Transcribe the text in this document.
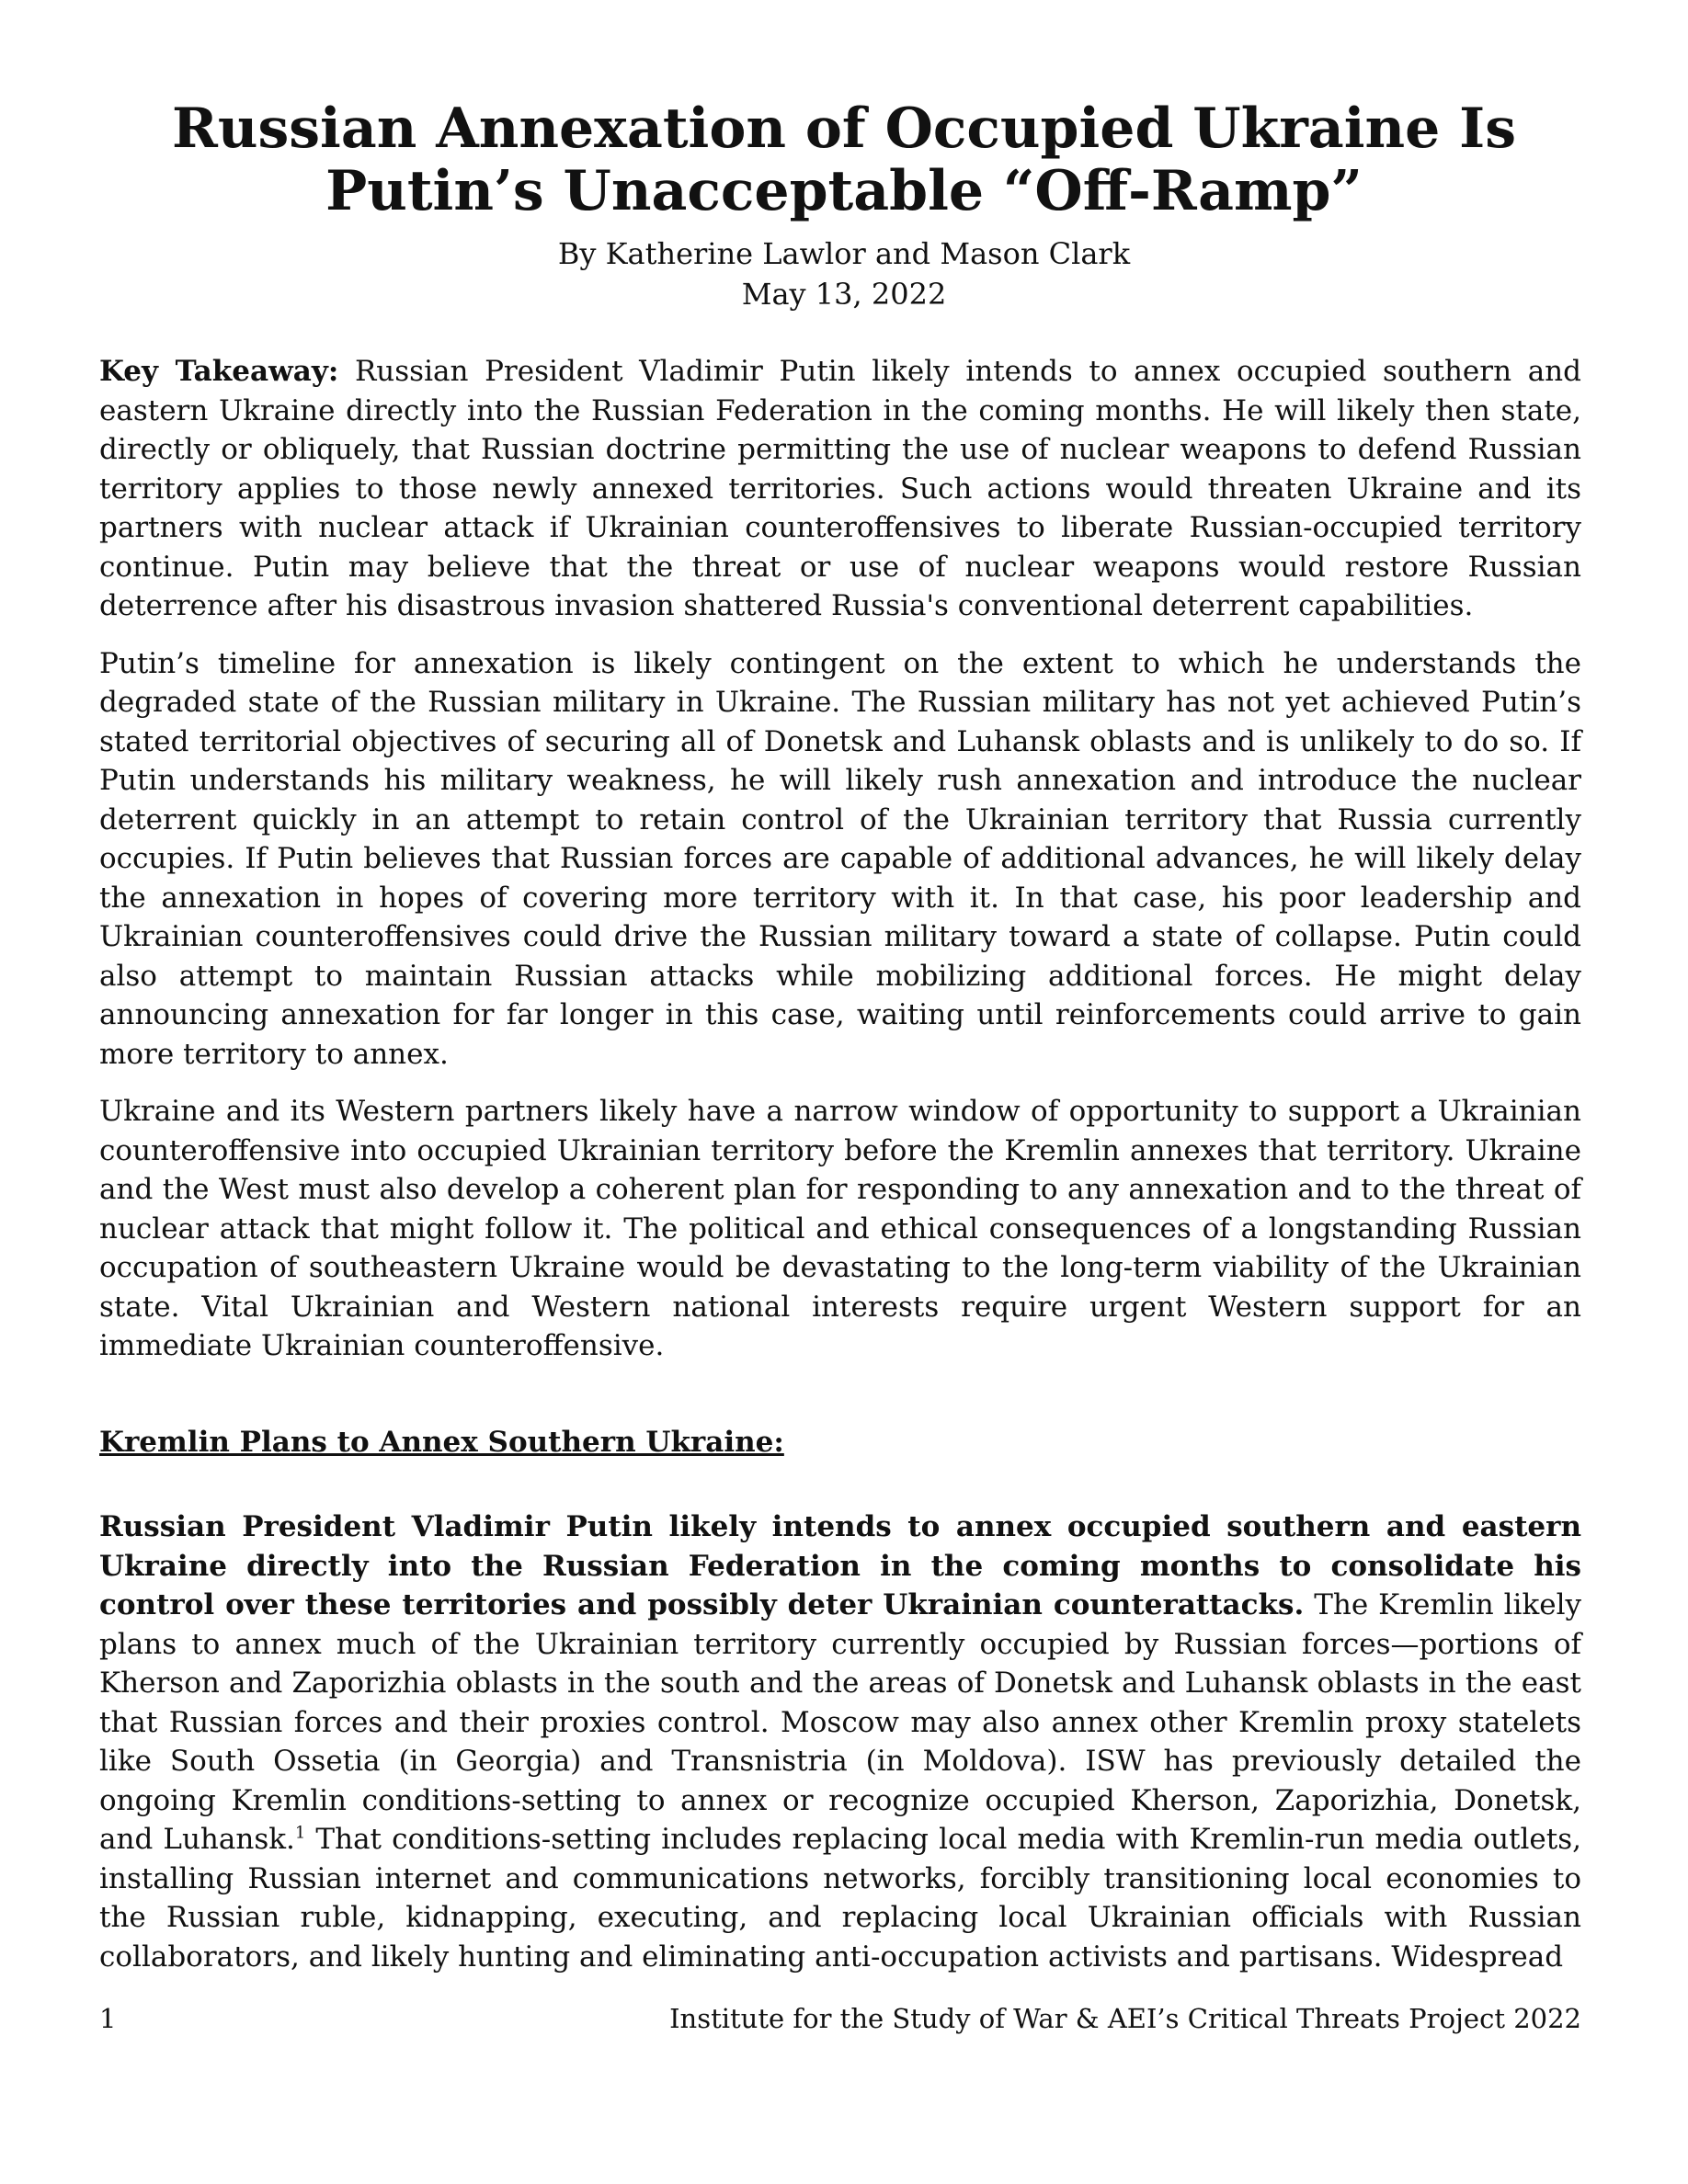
Russian Annexation of Occupied Ukraine Is Putin’s Unacceptable “Off-Ramp”
By Katherine Lawlor and Mason Clark
May 13, 2022

Key Takeaway: Russian President Vladimir Putin likely intends to annex occupied southern and eastern Ukraine directly into the Russian Federation in the coming months. He will likely then state, directly or obliquely, that Russian doctrine permitting the use of nuclear weapons to defend Russian territory applies to those newly annexed territories. Such actions would threaten Ukraine and its partners with nuclear attack if Ukrainian counteroffensives to liberate Russian-occupied territory continue. Putin may believe that the threat or use of nuclear weapons would restore Russian deterrence after his disastrous invasion shattered Russia's conventional deterrent capabilities.

Putin’s timeline for annexation is likely contingent on the extent to which he understands the degraded state of the Russian military in Ukraine. The Russian military has not yet achieved Putin’s stated territorial objectives of securing all of Donetsk and Luhansk oblasts and is unlikely to do so. If Putin understands his military weakness, he will likely rush annexation and introduce the nuclear deterrent quickly in an attempt to retain control of the Ukrainian territory that Russia currently occupies. If Putin believes that Russian forces are capable of additional advances, he will likely delay the annexation in hopes of covering more territory with it. In that case, his poor leadership and Ukrainian counteroffensives could drive the Russian military toward a state of collapse. Putin could also attempt to maintain Russian attacks while mobilizing additional forces. He might delay announcing annexation for far longer in this case, waiting until reinforcements could arrive to gain more territory to annex.

Ukraine and its Western partners likely have a narrow window of opportunity to support a Ukrainian counteroffensive into occupied Ukrainian territory before the Kremlin annexes that territory. Ukraine and the West must also develop a coherent plan for responding to any annexation and to the threat of nuclear attack that might follow it. The political and ethical consequences of a longstanding Russian occupation of southeastern Ukraine would be devastating to the long-term viability of the Ukrainian state. Vital Ukrainian and Western national interests require urgent Western support for an immediate Ukrainian counteroffensive.

Kremlin Plans to Annex Southern Ukraine:

Russian President Vladimir Putin likely intends to annex occupied southern and eastern Ukraine directly into the Russian Federation in the coming months to consolidate his control over these territories and possibly deter Ukrainian counterattacks. The Kremlin likely plans to annex much of the Ukrainian territory currently occupied by Russian forces—portions of Kherson and Zaporizhia oblasts in the south and the areas of Donetsk and Luhansk oblasts in the east that Russian forces and their proxies control. Moscow may also annex other Kremlin proxy statelets like South Ossetia (in Georgia) and Transnistria (in Moldova). ISW has previously detailed the ongoing Kremlin conditions-setting to annex or recognize occupied Kherson, Zaporizhia, Donetsk, and Luhansk.$^1$ That conditions-setting includes replacing local media with Kremlin-run media outlets, installing Russian internet and communications networks, forcibly transitioning local economies to the Russian ruble, kidnapping, executing, and replacing local Ukrainian officials with Russian collaborators, and likely hunting and eliminating anti-occupation activists and partisans. Widespread

1	Institute for the Study of War & AEI’s Critical Threats Project 2022
